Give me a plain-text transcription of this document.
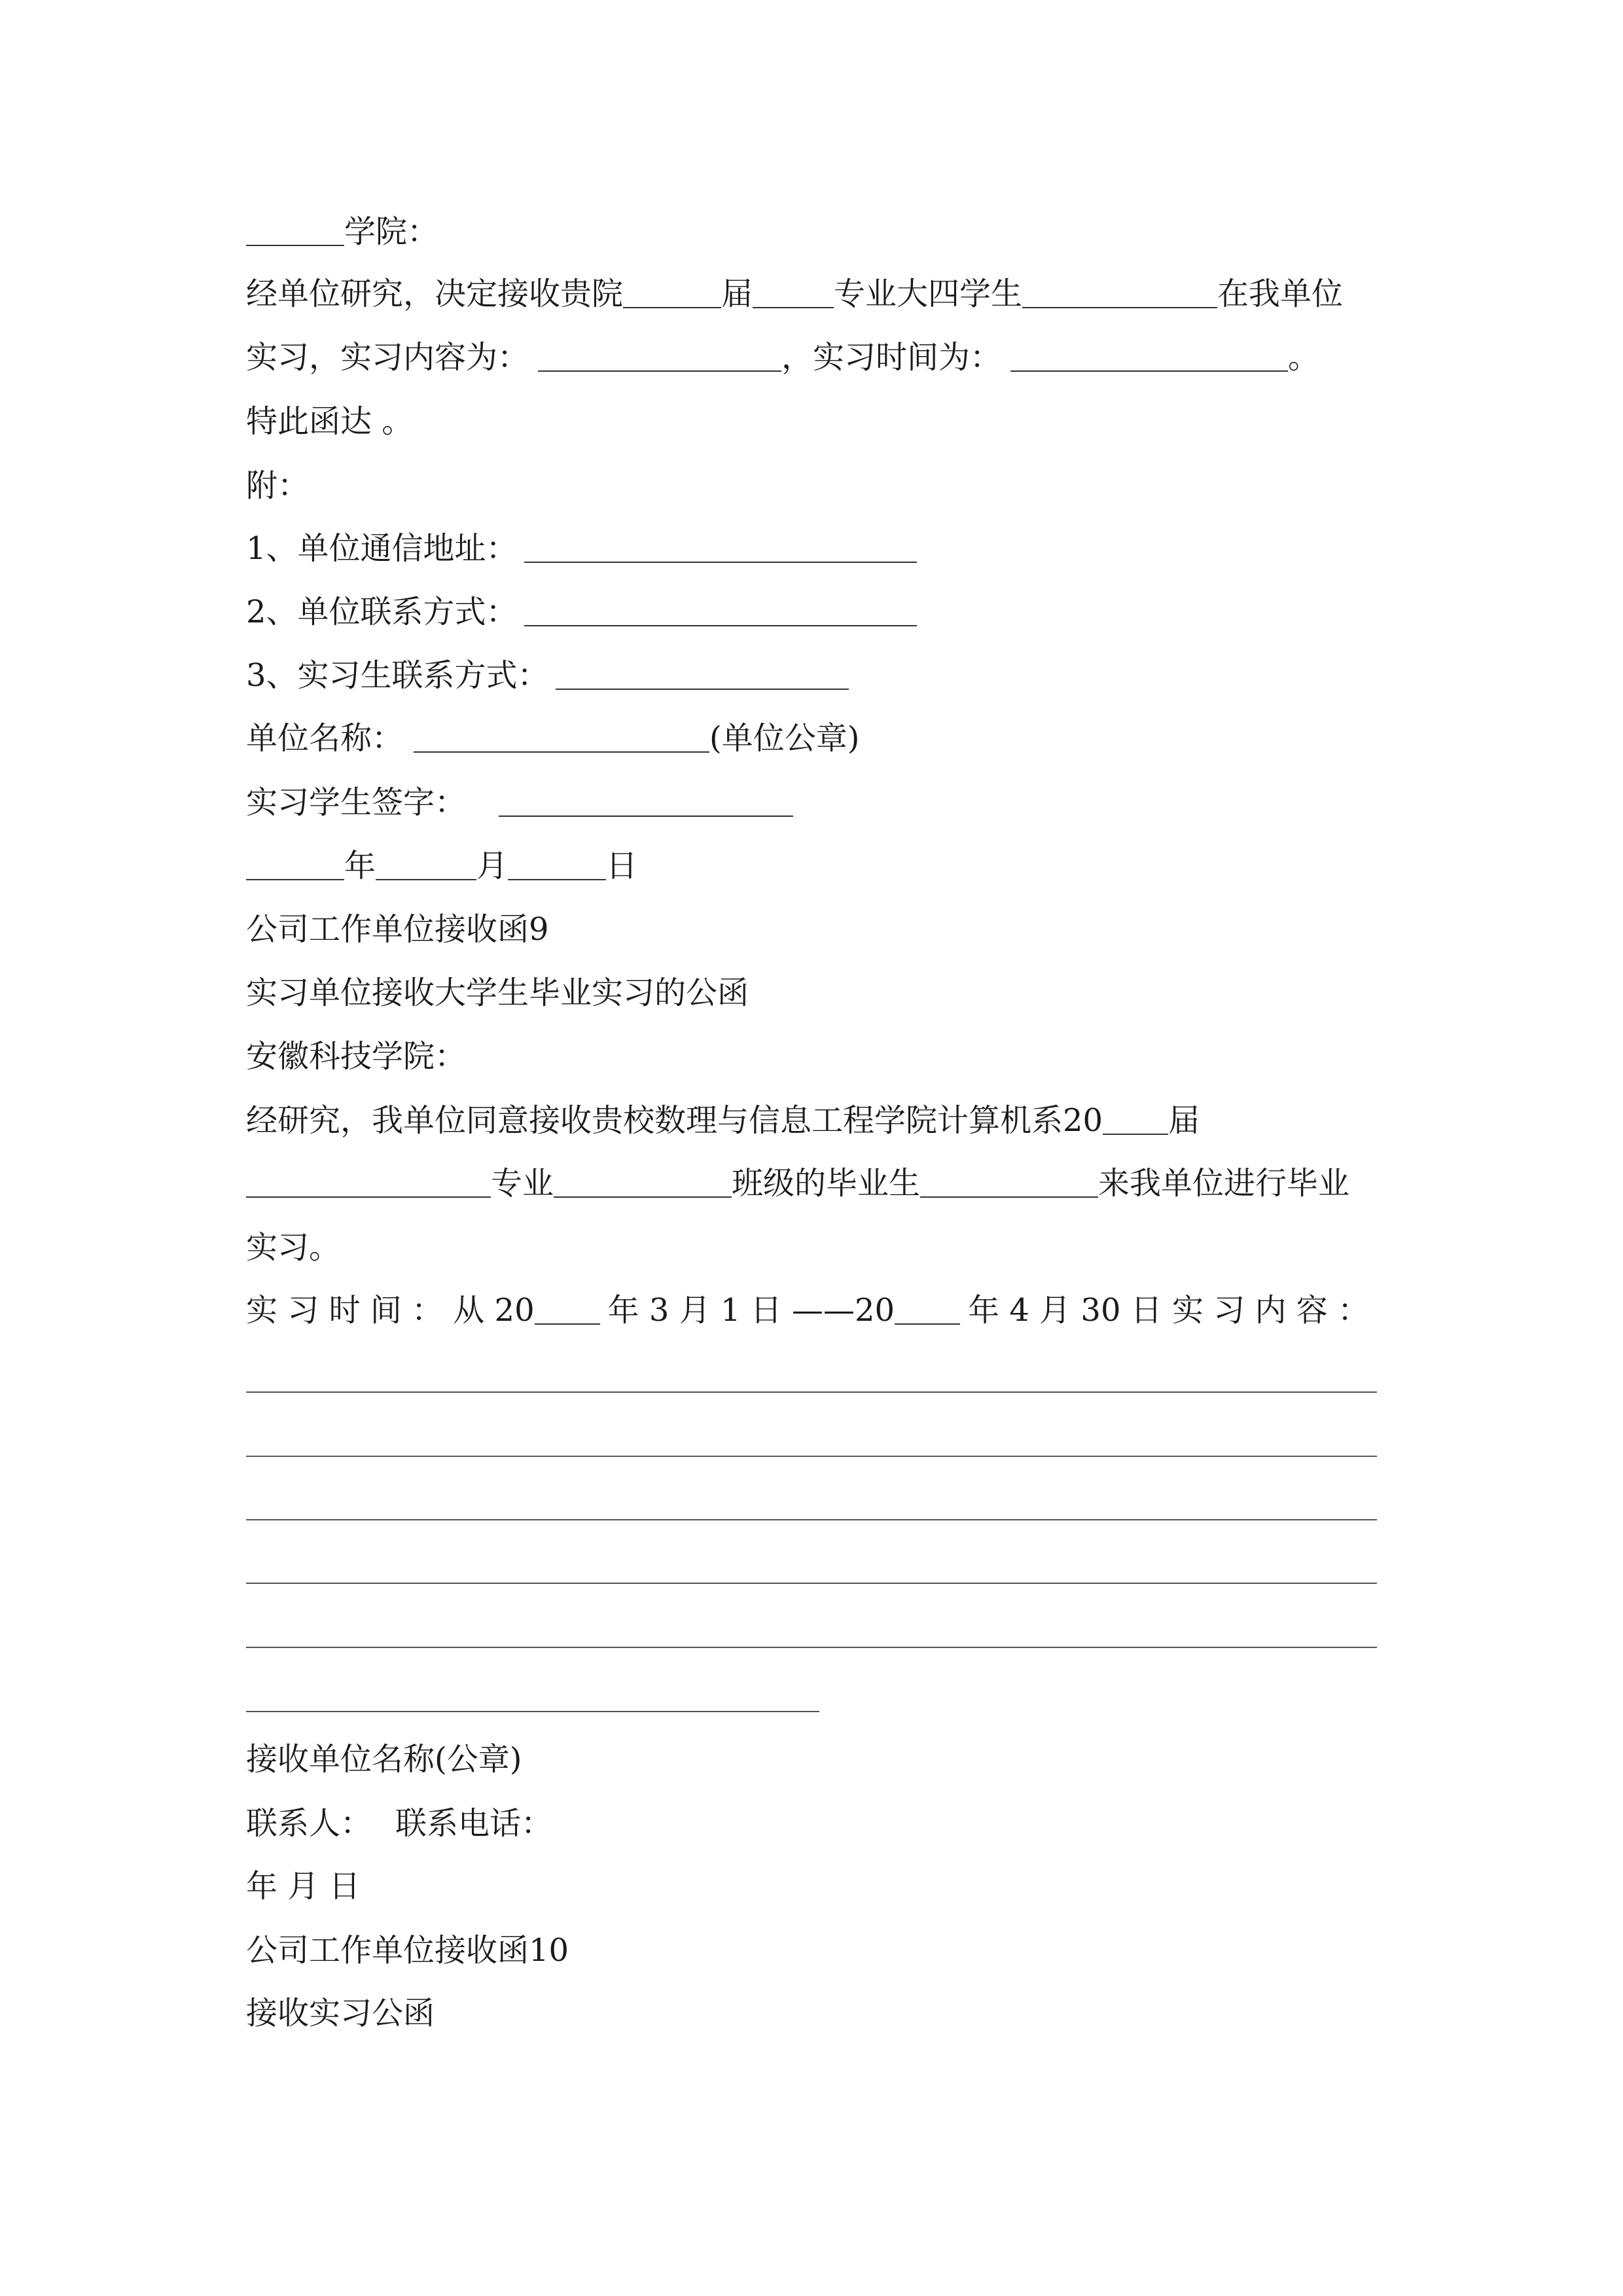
学院：
经单位研究，决定接收贵院	届	专业大四学生	在我单位
实习，实习内容为：	，实习时间为：	。
特此函达 。
附：
1、单位通信地址：
2、单位联系方式：
3、实习生联系方式：
单位名称：	(单位公章)
实习学生签字：
年	月	日
公司工作单位接收函9
实习单位接收大学生毕业实习的公函
安徽科技学院：
经研究，我单位同意接收贵校数理与信息工程学院计算机系20 届
专业	班级的毕业生	来我单位进行毕业
实习。
实 习 时 间 ： 从 20 年 3 月 1 日 ——20 年 4 月 30 日 实 习 内 容 ：
接收单位名称(公章)
联系人： 联系电话：
年 月 日
公司工作单位接收函10
接收实习公函
